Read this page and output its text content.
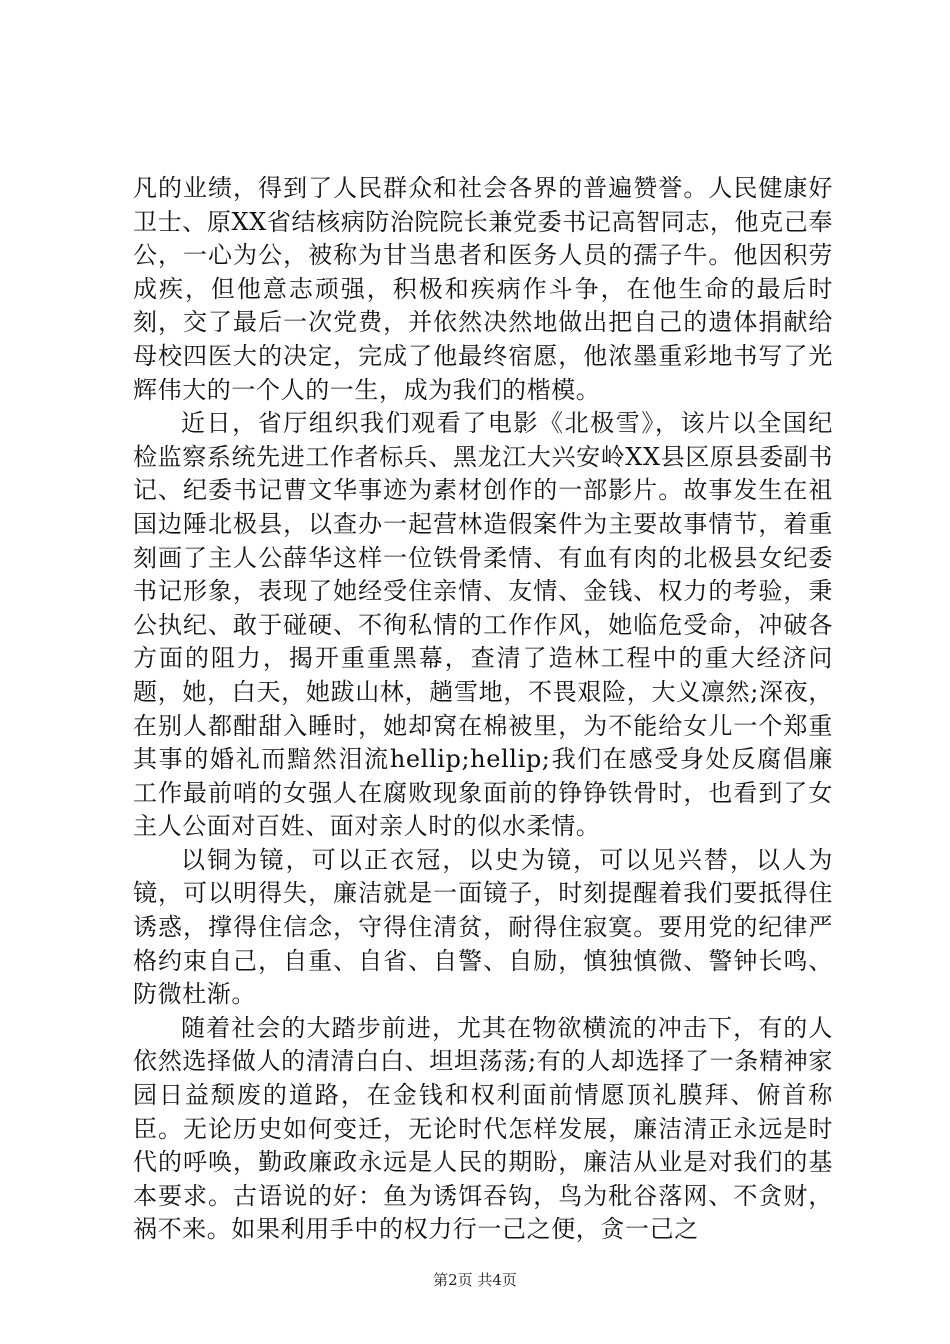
凡的业绩，得到了人民群众和社会各界的普遍赞誉。人民健康好卫士、原XX省结核病防治院院长兼党委书记高智同志，他克己奉公，一心为公，被称为甘当患者和医务人员的孺子牛。他因积劳成疾，但他意志顽强，积极和疾病作斗争，在他生命的最后时刻，交了最后一次党费，并依然决然地做出把自己的遗体捐献给母校四医大的决定，完成了他最终宿愿，他浓墨重彩地书写了光辉伟大的一个人的一生，成为我们的楷模。

近日，省厅组织我们观看了电影《北极雪》，该片以全国纪检监察系统先进工作者标兵、黑龙江大兴安岭XX县区原县委副书记、纪委书记曹文华事迹为素材创作的一部影片。故事发生在祖国边陲北极县，以查办一起营林造假案件为主要故事情节，着重刻画了主人公薛华这样一位铁骨柔情、有血有肉的北极县女纪委书记形象，表现了她经受住亲情、友情、金钱、权力的考验，秉公执纪、敢于碰硬、不徇私情的工作作风，她临危受命，冲破各方面的阻力，揭开重重黑幕，查清了造林工程中的重大经济问题，她，白天，她跋山林，趟雪地，不畏艰险，大义凛然;深夜，在别人都酣甜入睡时，她却窝在棉被里，为不能给女儿一个郑重其事的婚礼而黯然泪流hellip;hellip;我们在感受身处反腐倡廉工作最前哨的女强人在腐败现象面前的铮铮铁骨时，也看到了女主人公面对百姓、面对亲人时的似水柔情。

以铜为镜，可以正衣冠，以史为镜，可以见兴替，以人为镜，可以明得失，廉洁就是一面镜子，时刻提醒着我们要抵得住诱惑，撑得住信念，守得住清贫，耐得住寂寞。要用党的纪律严格约束自己，自重、自省、自警、自励，慎独慎微、警钟长鸣、防微杜渐。

随着社会的大踏步前进，尤其在物欲横流的冲击下，有的人依然选择做人的清清白白、坦坦荡荡;有的人却选择了一条精神家园日益颓废的道路，在金钱和权利面前情愿顶礼膜拜、俯首称臣。无论历史如何变迁，无论时代怎样发展，廉洁清正永远是时代的呼唤，勤政廉政永远是人民的期盼，廉洁从业是对我们的基本要求。古语说的好：鱼为诱饵吞钩，鸟为秕谷落网、不贪财，祸不来。如果利用手中的权力行一己之便，贪一己之

第2页 共4页
